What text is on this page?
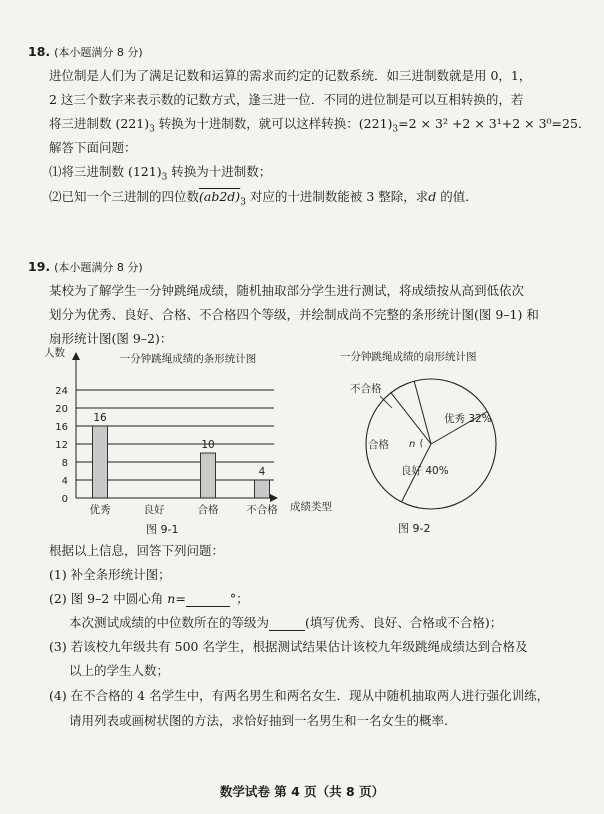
18. (本小题满分 8 分)
进位制是人们为了满足记数和运算的需求而约定的记数系统．如三进制数就是用 0，1，
2 这三个数字来表示数的记数方式，逢三进一位．不同的进位制是可以互相转换的，若
将三进制数 $(221)_3$ 转换为十进制数，就可以这样转换：$(221)_3=2 \times 3^2 +2 \times 3^1+2 \times 3^0=25$．
解答下面问题：
⑴将三进制数 $(121)_3$ 转换为十进制数；
⑵已知一个三进制的四位数$(ab2d)_3$ 对应的十进制数能被 3 整除，求d 的值．
19. (本小题满分 8 分)
某校为了解学生一分钟跳绳成绩，随机抽取部分学生进行测试，将成绩按从高到低依次
划分为优秀、良好、合格、不合格四个等级，并绘制成尚不完整的条形统计图(图 9–1) 和
扇形统计图(图 9–2)：
人数	一分钟跳绳成绩的条形统计图
16
10
4
0
4
8
12
16
20
24
优秀	良好	合格	不合格 成绩类型
图 9-1
一分钟跳绳成绩的扇形统计图
优秀 32%
良好 40%
合格 n
不合格
图 9-2
根据以上信息，回答下列问题：
(1) 补全条形统计图；
(2) 图 9–2 中圆心角 n=	°；
本次测试成绩的中位数所在的等级为	(填写优秀、良好、合格或不合格)；
(3) 若该校九年级共有 500 名学生，根据测试结果估计该校九年级跳绳成绩达到合格及
以上的学生人数；
(4) 在不合格的 4 名学生中，有两名男生和两名女生．现从中随机抽取两人进行强化训练，
请用列表或画树状图的方法，求恰好抽到一名男生和一名女生的概率．
数学试卷 第 4 页（共 8 页）
